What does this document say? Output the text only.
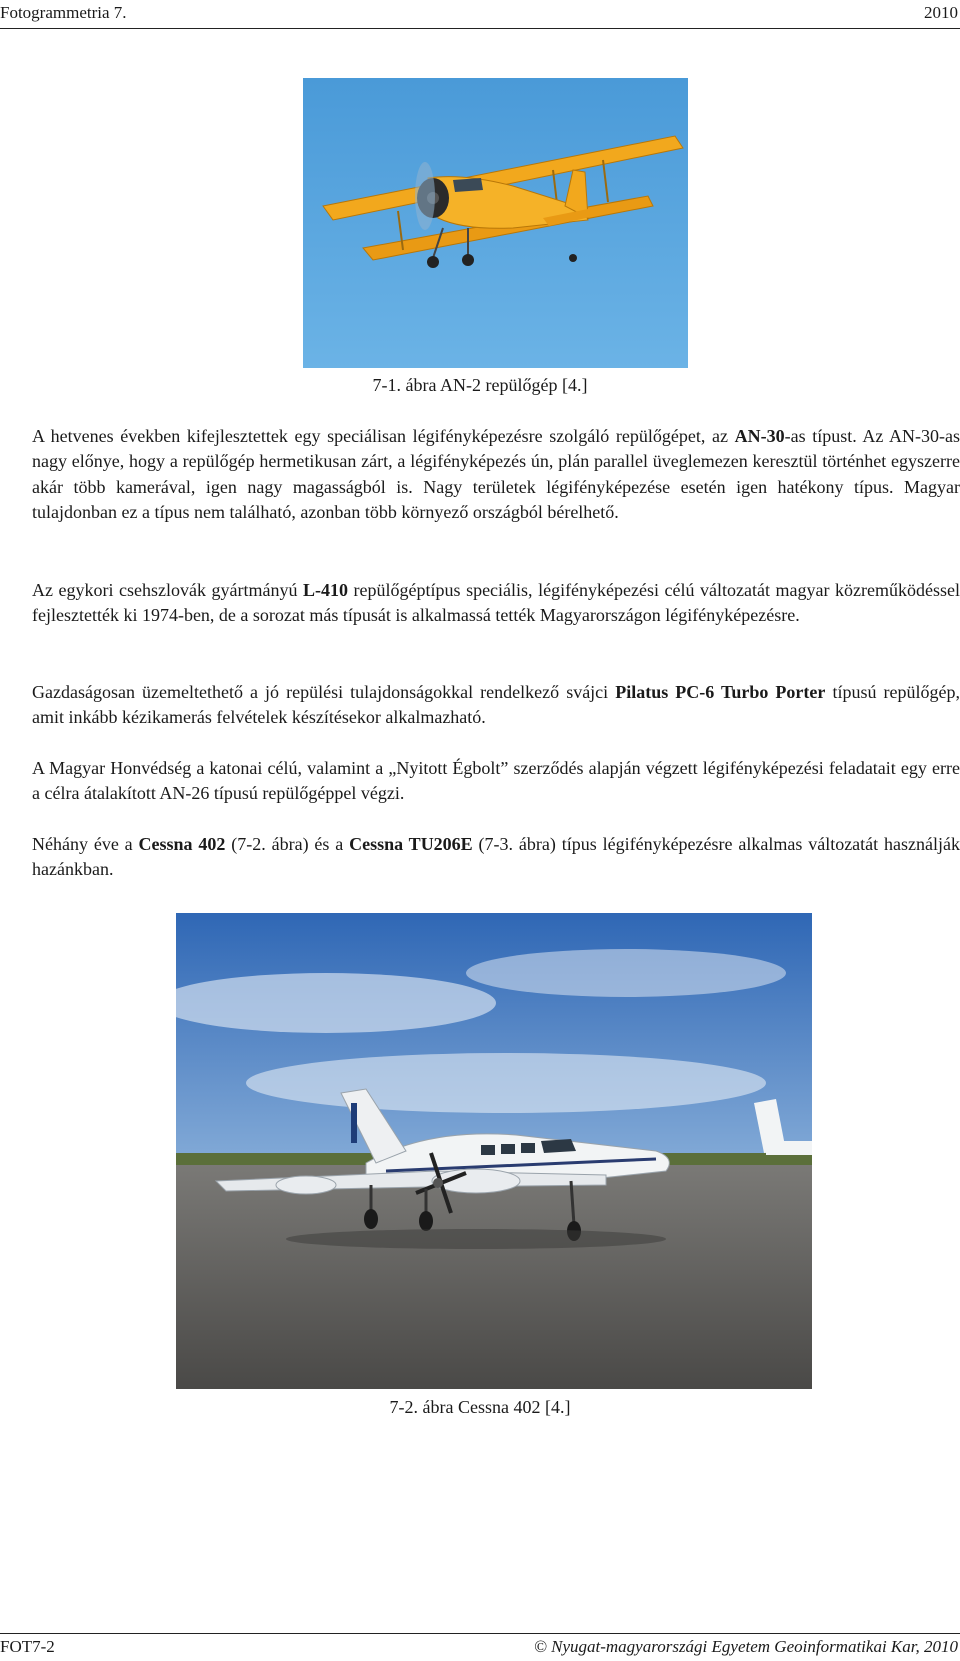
Fotogrammetria 7.	2010
7-1. ábra AN-2 repülőgép [4.]

A hetvenes években kifejlesztettek egy speciálisan légifényképezésre szolgáló repülőgépet, az AN-30-as típust. Az AN-30-as nagy előnye, hogy a repülőgép hermetikusan zárt, a légifényképezés ún, plán parallel üveglemezen keresztül történhet egyszerre akár több kamerával, igen nagy magasságból is. Nagy területek légifényképezése esetén igen hatékony típus. Magyar tulajdonban ez a típus nem található, azonban több környező országból bérelhető.

Az egykori csehszlovák gyártmányú L-410 repülőgéptípus speciális, légifényképezési célú változatát magyar közreműködéssel fejlesztették ki 1974-ben, de a sorozat más típusát is alkalmassá tették Magyarországon légifényképezésre.

Gazdaságosan üzemeltethető a jó repülési tulajdonságokkal rendelkező svájci Pilatus PC-6 Turbo Porter típusú repülőgép, amit inkább kézikamerás felvételek készítésekor alkalmazható.

A Magyar Honvédség a katonai célú, valamint a „Nyitott Égbolt” szerződés alapján végzett légifényképezési feladatait egy erre a célra átalakított AN-26 típusú repülőgéppel végzi.

Néhány éve a Cessna 402 (7-2. ábra) és a Cessna TU206E (7-3. ábra) típus légifényképezésre alkalmas változatát használják hazánkban.

7-2. ábra Cessna 402 [4.]
FOT7-2	© Nyugat-magyarországi Egyetem Geoinformatikai Kar, 2010
